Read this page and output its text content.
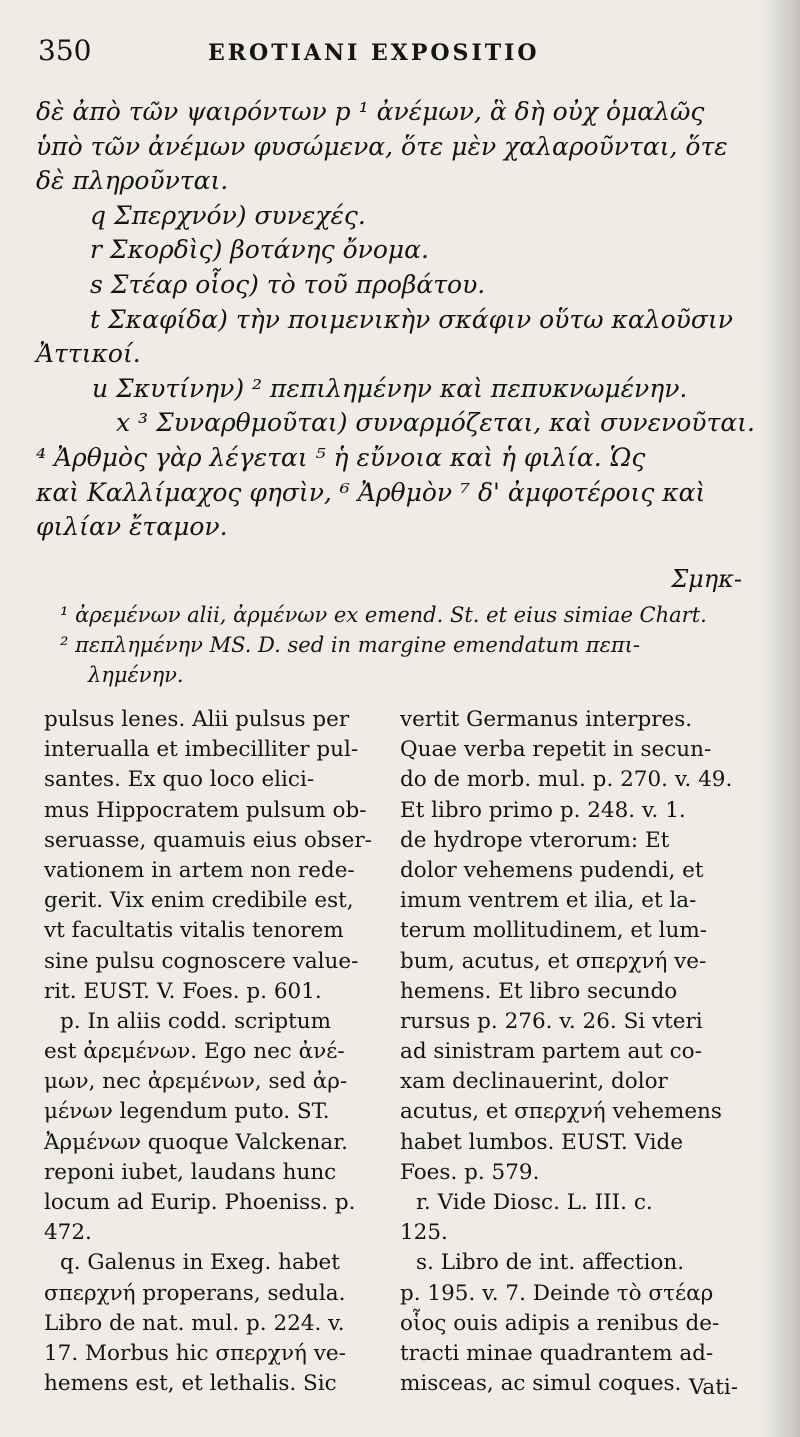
350	EROTIANI EXPOSITIO
δὲ ἀπὸ τῶν ψαιρόντων p ¹ ἀνέμων, ἃ δὴ οὐχ ὁμαλῶς
ὑπὸ τῶν ἀνέμων φυσώμενα, ὅτε μὲν χαλαροῦνται, ὅτε
δὲ πληροῦνται.
q Σπερχνόν) συνεχές.
r Σκορδὶς) βοτάνης ὄνομα.
s Στέαρ οἷος) τὸ τοῦ προβάτου.
t Σκαφίδα) τὴν ποιμενικὴν σκάφιν οὕτω καλοῦσιν
Ἀττικοί.
u Σκυτίνην) ² πεπιλημένην καὶ πεπυκνωμένην.
x ³ Συναρθμοῦται) συναρμόζεται, καὶ συνενοῦται.
⁴ Ἀρθμὸς γὰρ λέγεται ⁵ ἡ εὔνοια καὶ ἡ φιλία. Ὡς
καὶ Καλλίμαχος φησὶν, ⁶ Ἀρθμὸν ⁷ δ' ἀμφοτέροις καὶ
φιλίαν ἔταμον.
Σμηκ-
¹ ἀρεμένων alii, ἀρμένων ex emend. St. et eius simiae Chart.
² πεπλημένην MS. D. sed in margine emendatum πεπι-
λημένην.
pulsus lenes. Alii pulsus per
interualla et imbecilliter pul-
santes. Ex quo loco elici-
mus Hippocratem pulsum ob-
seruasse, quamuis eius obser-
vationem in artem non rede-
gerit. Vix enim credibile est,
vt facultatis vitalis tenorem
sine pulsu cognoscere value-
rit. EUST. V. Foes. p. 601.
p. In aliis codd. scriptum
est ἀρεμένων. Ego nec ἀνέ-
μων, nec ἀρεμένων, sed ἀρ-
μένων legendum puto. ST.
Ἀρμένων quoque Valckenar.
reponi iubet, laudans hunc
locum ad Eurip. Phoeniss. p.
472.
q. Galenus in Exeg. habet
σπερχνή properans, sedula.
Libro de nat. mul. p. 224. v.
17. Morbus hic σπερχνή ve-
hemens est, et lethalis. Sic
vertit Germanus interpres.
Quae verba repetit in secun-
do de morb. mul. p. 270. v. 49.
Et libro primo p. 248. v. 1.
de hydrope vterorum: Et
dolor vehemens pudendi, et
imum ventrem et ilia, et la-
terum mollitudinem, et lum-
bum, acutus, et σπερχνή ve-
hemens. Et libro secundo
rursus p. 276. v. 26. Si vteri
ad sinistram partem aut co-
xam declinauerint, dolor
acutus, et σπερχνή vehemens
habet lumbos. EUST. Vide
Foes. p. 579.
r. Vide Diosc. L. III. c.
125.
s. Libro de int. affection.
p. 195. v. 7. Deinde τὸ στέαρ
οἷος ouis adipis a renibus de-
tracti minae quadrantem ad-
misceas, ac simul coques. Vati-
